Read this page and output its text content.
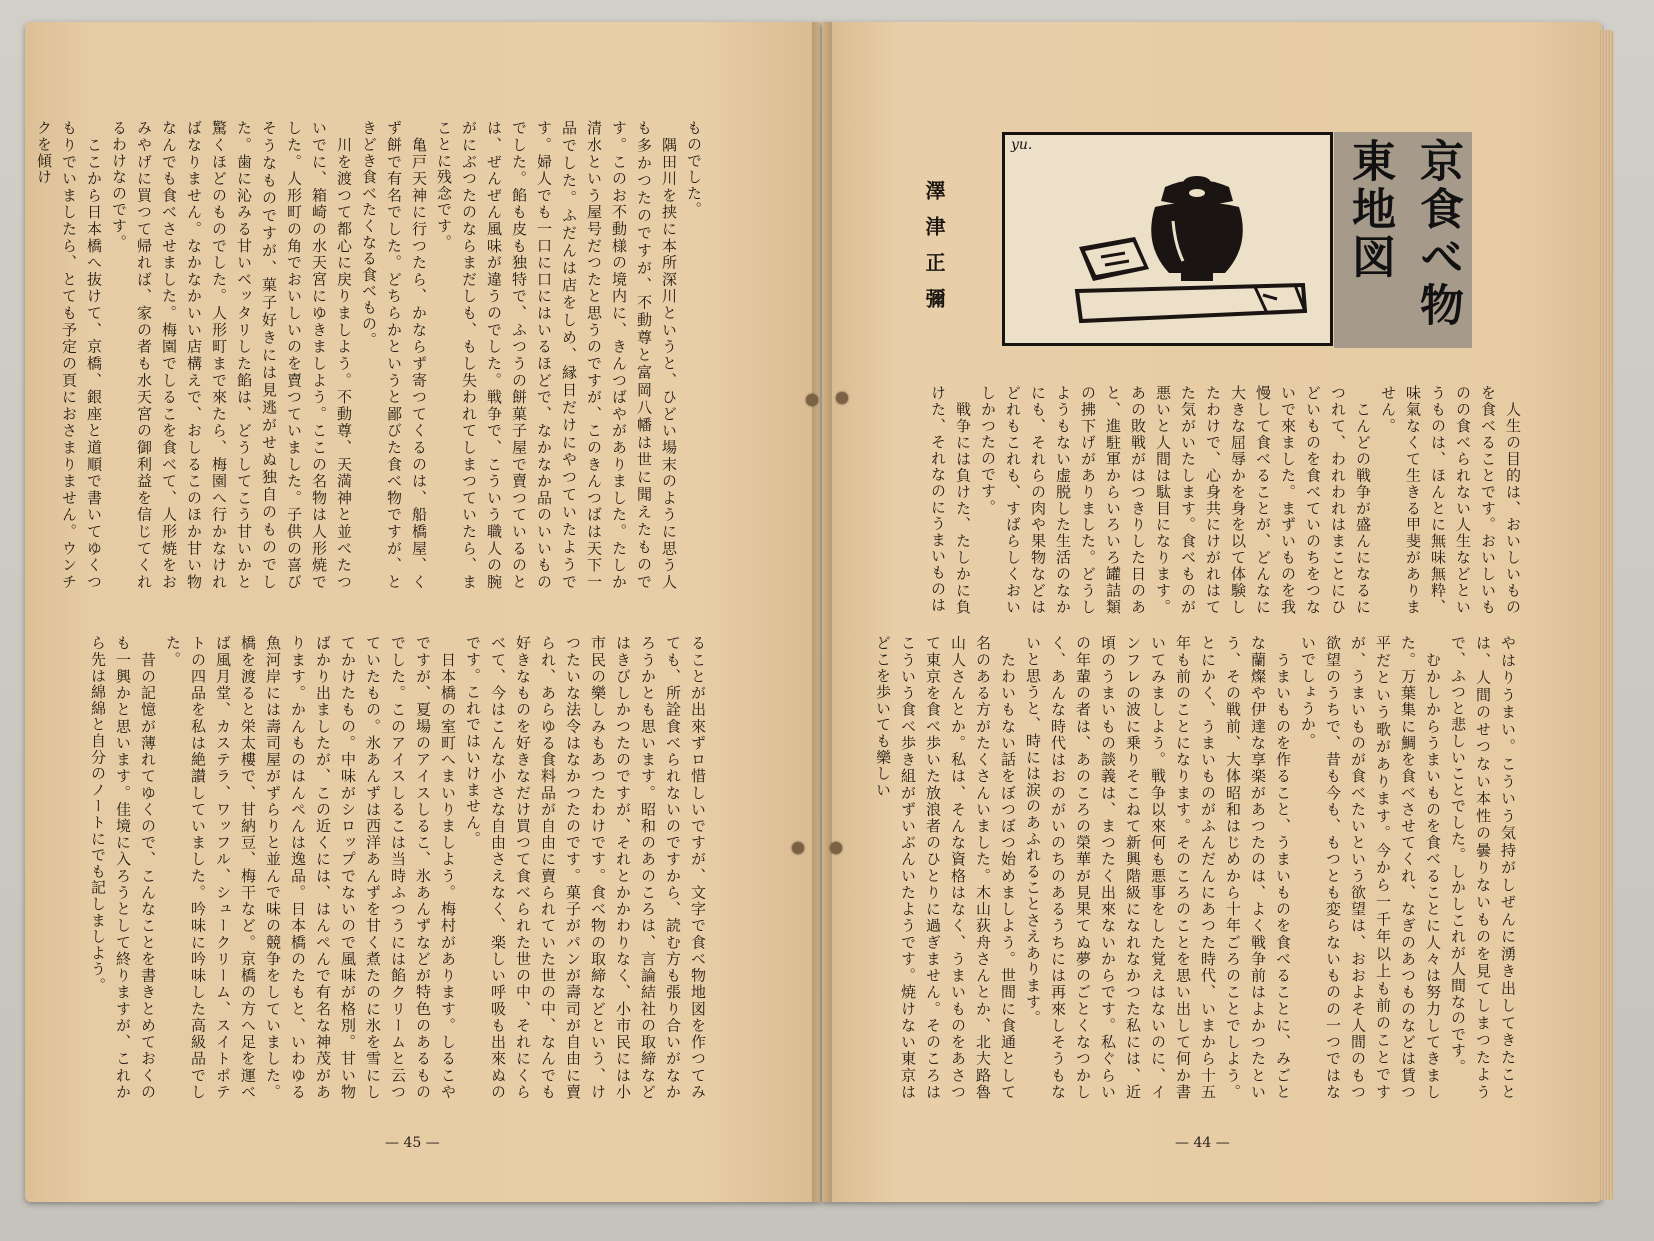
ものでした。
　隅田川を挟に本所深川というと、ひどい場末のように思う人も多かつたのですが、不動尊と富岡八幡は世に聞えたものです。このお不動様の境内に、きんつばやがありました。たしか清水という屋号だつたと思うのですが、このきんつばは天下一品でした。ふだんは店をしめ、縁日だけにやつていたようです。婦人でも一口に口にはいるほどで、なかなか品のいいものでした。餡も皮も独特で、ふつうの餅菓子屋で賣つているのとは、ぜんぜん風味が違うのでした。戦争で、こういう職人の腕がにぶつたのならまだしも、もし失われてしまつていたら、まことに残念です。
　亀戸天神に行つたら、かならず寄つてくるのは、船橋屋、くず餅で有名でした。どちらかというと鄙びた食べ物ですが、ときどき食べたくなる食べもの。
　川を渡つて都心に戻りましよう。不動尊、天満神と並べたついでに、箱崎の水天宮にゆきましよう。ここの名物は人形焼でした。人形町の角でおいしいのを賣つていました。子供の喜びそうなものですが、菓子好きには見逃がせぬ独自のものでした。歯に沁みる甘いベッタリした餡は、どうしてこう甘いかと驚くほどのものでした。人形町まで來たら、梅園へ行かなければなりません。なかなかいい店構えで、おしるこのほか甘い物なんでも食べさせました。梅園でしるこを食べて、人形焼をおみやげに買つて帰れば、家の者も水天宮の御利益を信じてくれるわけなのです。
　ここから日本橋へ抜けて、京橋、銀座と道順で書いてゆくつもりでいましたら、とても予定の頁におさまりません。ウンチクを傾け
ることが出來ずロ惜しいですが、文字で食べ物地図を作つてみても、所詮食べられないのですから、読む方も張り合いがなかろうかとも思います。昭和のあのころは、言論結社の取締などはきびしかつたのですが、それとかかわりなく、小市民には小市民の樂しみもあつたわけです。食べ物の取締などという、けつたいな法令はなかつたのです。菓子がパンが壽司が自由に賣られ、あらゆる食料品が自由に賣られていた世の中、なんでも好きなものを好きなだけ買つて食べられた世の中、それにくらべて、今はこんな小さな自由さえなく、楽しい呼吸も出來ぬのです。これではいけません。
　日本橋の室町へまいりましよう。梅村があります。しるこやですが、夏場のアイスしるこ、氷あんずなどが特色のあるものでした。このアイスしるこは当時ふつうには餡クリームと云つていたもの。氷あんずは西洋あんずを甘く煮たのに氷を雪にしてかけたもの。中味がシロップでないので風味が格別。甘い物ばかり出ましたが、この近くには、はんぺんで有名な神茂があります。かんものはんぺんは逸品。日本橋のたもと、いわゆる魚河岸には壽司屋がずらりと並んで味の競争をしていました。橋を渡ると栄太樓で、甘納豆、梅干など。京橋の方へ足を運べば風月堂、カステラ、ワッフル、シュークリーム、スイトポテトの四品を私は絶讃していました。吟味に吟味した高級品でした。
　昔の記憶が薄れてゆくので、こんなことを書きとめておくのも一興かと思います。佳境に入ろうとして終りますが、これから先は綿綿と自分のノートにでも記しましよう。
— 45 —
京食べ物
東地図
yu.
澤津正彌
　人生の目的は、おいしいものを食べることです。おいしいものの食べられない人生などというものは、ほんとに無味無粋、味氣なくて生きる甲斐がありません。
　こんどの戦争が盛んになるにつれて、われわれはまことにひどいものを食べていのちをつないで來ました。まずいものを我慢して食べることが、どんなに大きな屈辱かを身を以て体験したわけで、心身共にけがれはてた気がいたします。食べものが悪いと人間は駄目になります。あの敗戦がはつきりした日のあと、進駐軍からいろいろ罐詰類の拂下げがありました。どうしようもない虚脱した生活のなかにも、それらの肉や果物などはどれもこれも、すばらしくおいしかつたのです。
　戦争には負けた、たしかに負けた、それなのにうまいものは
やはりうまい。こういう気持がしぜんに湧き出してきたことは、人間のせつない本性の曇りないものを見てしまつたようで、ふつと悲しいことでした。しかしこれが人間なのです。
　むかしからうまいものを食べることに人々は努力してきました。万葉集に鯛を食べさせてくれ、なぎのあつものなどは賃つ平だという歌があります。今から一千年以上も前のことですが、うまいものが食べたいという欲望は、おおよそ人間のもつ欲望のうちで、昔も今も、もつとも変らないものの一つではないでしょうか。
　うまいものを作ること、うまいものを食べることに、みごとな蘭燦や伊達な享楽があつたのは、よく戦争前はよかつたという、その戦前、大体昭和はじめから十年ごろのことでしよう。とにかく、うまいものがふんだんにあつた時代、いまから十五年も前のことになります。そのころのことを思い出して何か書いてみましよう。戦争以來何も悪事をした覚えはないのに、インフレの波に乗りそこねて新興階級になれなかつた私には、近頃のうまいもの談義は、まつたく出來ないからです。私ぐらいの年輩の者は、あのころの榮華が見果てぬ夢のごとくなつかしく、あんな時代はおのがいのちのあるうちには再來しそうもないと思うと、時には涙のあふれることさえあります。
　たわいもない話をぼつぼつ始めましよう。世間に食通として名のある方がたくさんいました。木山荻舟さんとか、北大路魯山人さんとか。私は、そんな資格はなく、うまいものをあさつて東京を食べ歩いた放浪者のひとりに過ぎません。そのころはこういう食べ歩き組がずいぶんいたようです。焼けない東京はどこを歩いても樂しい
— 44 —
